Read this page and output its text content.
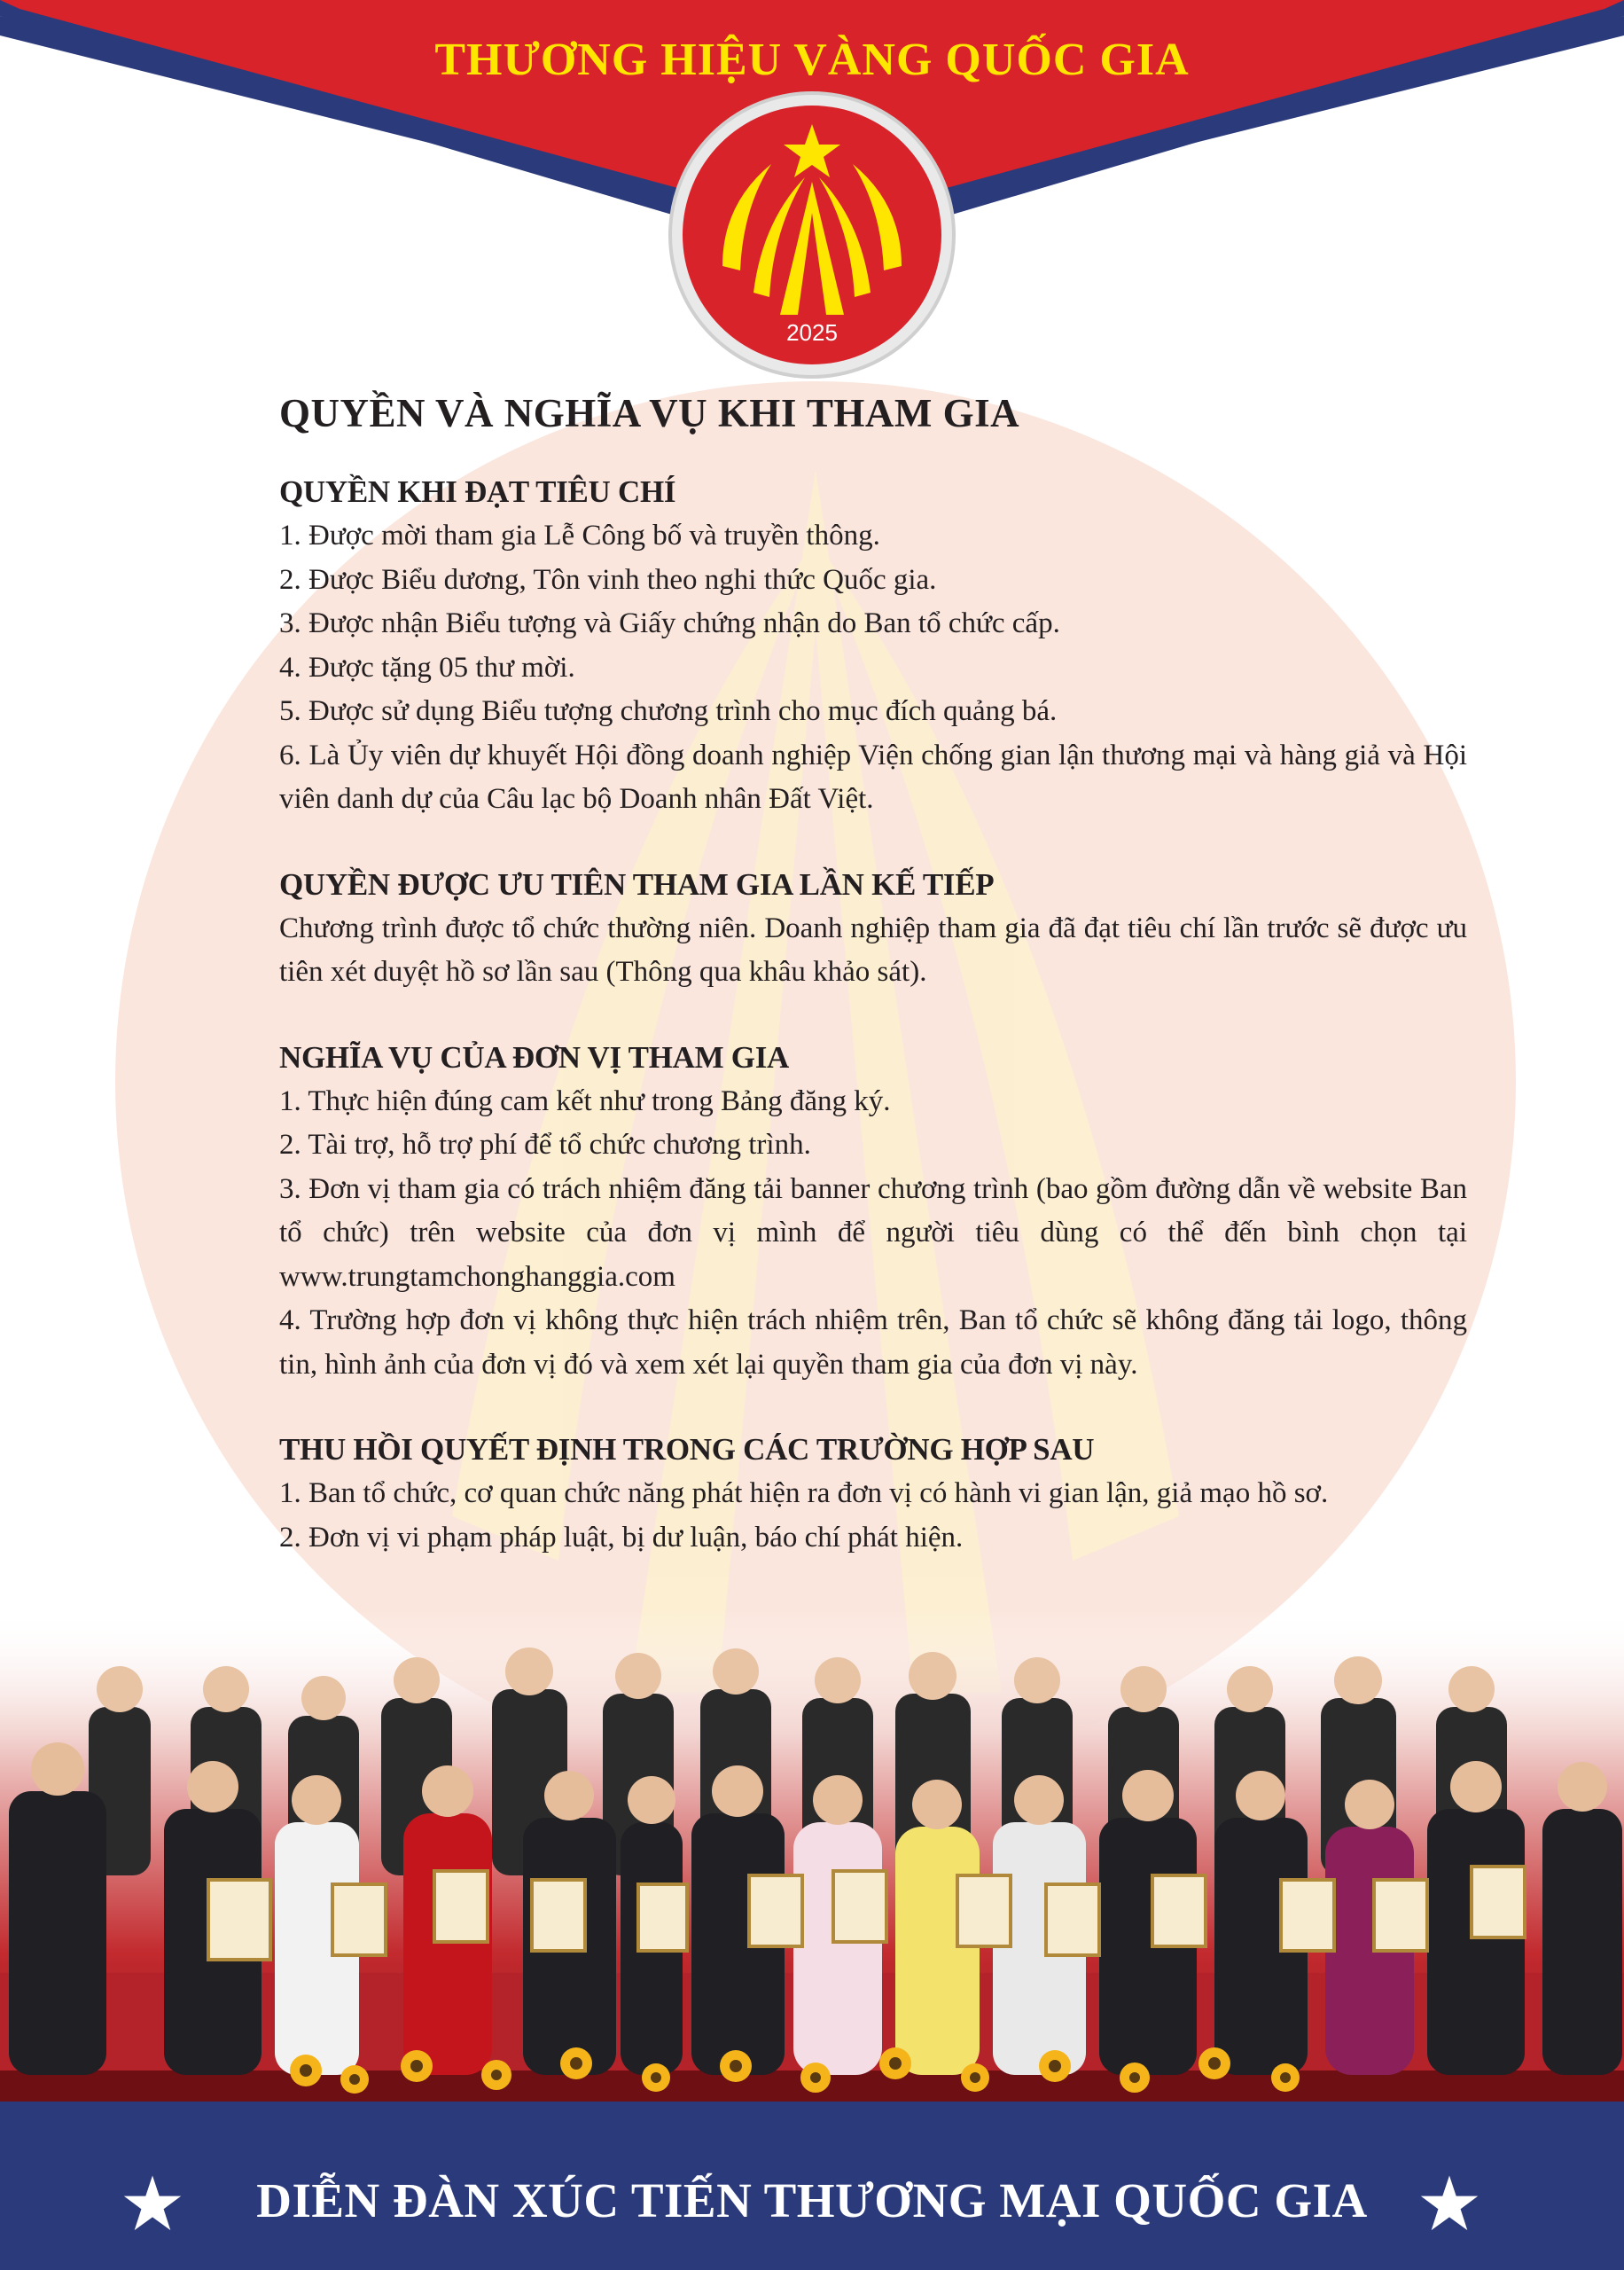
THƯƠNG HIỆU VÀNG QUỐC GIA
2025
QUYỀN VÀ NGHĨA VỤ KHI THAM GIA
QUYỀN KHI ĐẠT TIÊU CHÍ

1. Được mời tham gia Lễ Công bố và truyền thông.

2. Được Biểu dương, Tôn vinh theo nghi thức Quốc gia.

3. Được nhận Biểu tượng và Giấy chứng nhận do Ban tổ chức cấp.

4. Được tặng 05 thư mời.

5. Được sử dụng Biểu tượng chương trình cho mục đích quảng bá.

6. Là Ủy viên dự khuyết Hội đồng doanh nghiệp Viện chống gian lận thương mại và hàng giả và Hội viên danh dự của Câu lạc bộ Doanh nhân Đất Việt.

QUYỀN ĐƯỢC ƯU TIÊN THAM GIA LẦN KẾ TIẾP

Chương trình được tổ chức thường niên. Doanh nghiệp tham gia đã đạt tiêu chí lần trước sẽ được ưu tiên xét duyệt hồ sơ lần sau (Thông qua khâu khảo sát).

NGHĨA VỤ CỦA ĐƠN VỊ THAM GIA

1. Thực hiện đúng cam kết như trong Bảng đăng ký.

2. Tài trợ, hỗ trợ phí để tổ chức chương trình.

3. Đơn vị tham gia có trách nhiệm đăng tải banner chương trình (bao gồm đường dẫn về website Ban tổ chức) trên website của đơn vị mình để người tiêu dùng có thể đến bình chọn tại www.trungtamchonghanggia.com

4. Trường hợp đơn vị không thực hiện trách nhiệm trên, Ban tổ chức sẽ không đăng tải logo, thông tin, hình ảnh của đơn vị đó và xem xét lại quyền tham gia của đơn vị này.

THU HỒI QUYẾT ĐỊNH TRONG CÁC TRƯỜNG HỢP SAU

1. Ban tổ chức, cơ quan chức năng phát hiện ra đơn vị có hành vi gian lận, giả mạo hồ sơ.

2. Đơn vị vi phạm pháp luật, bị dư luận, báo chí phát hiện.

DIỄN ĐÀN XÚC TIẾN THƯƠNG MẠI QUỐC GIA
